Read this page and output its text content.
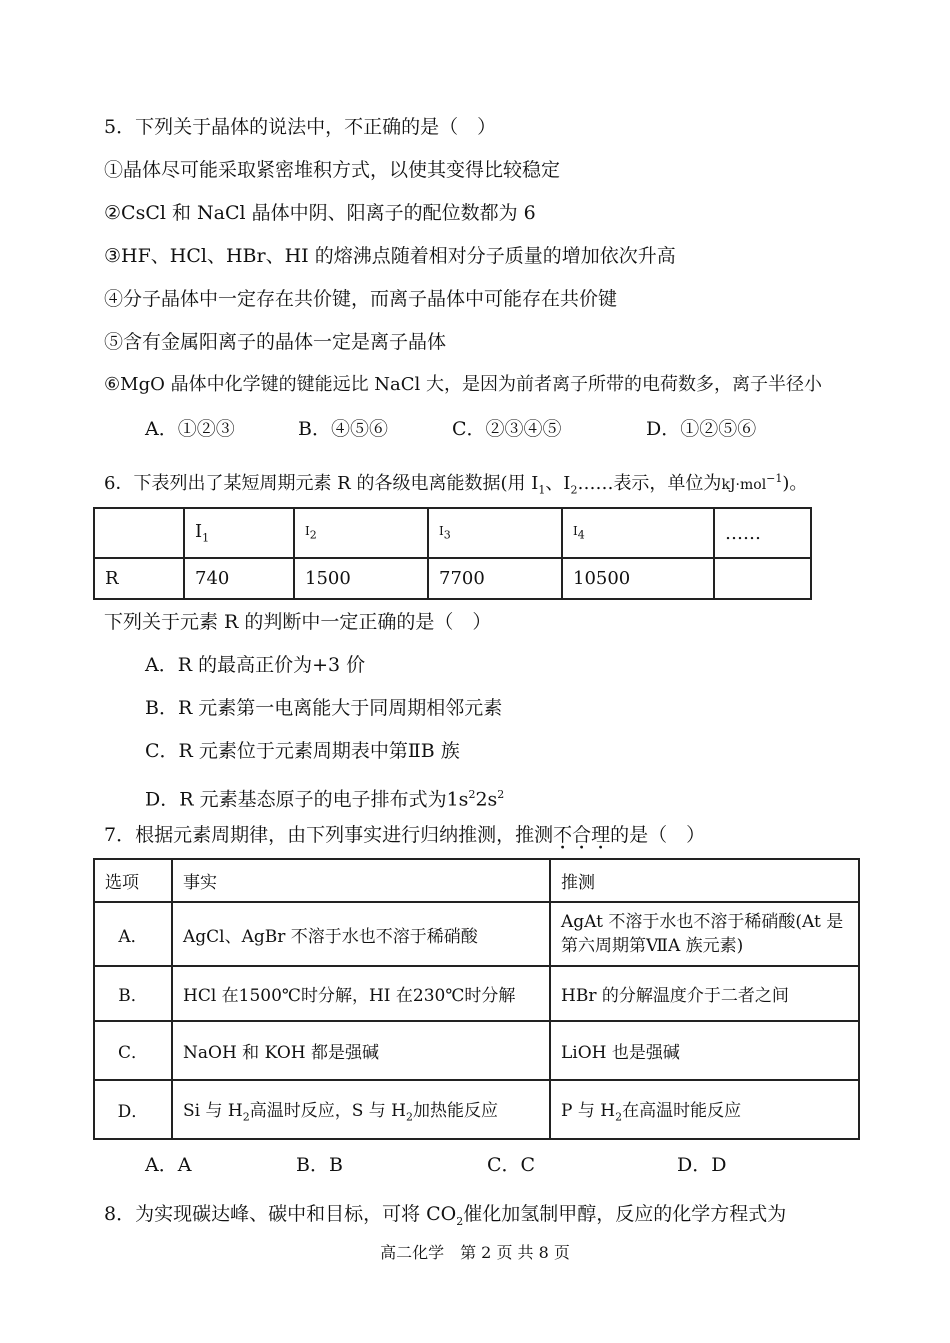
5．下列关于晶体的说法中，不正确的是（　）
①晶体尽可能采取紧密堆积方式，以使其变得比较稳定
②CsCl 和 NaCl 晶体中阴、阳离子的配位数都为 6
③HF、HCl、HBr、HI 的熔沸点随着相对分子质量的增加依次升高
④分子晶体中一定存在共价键，而离子晶体中可能存在共价键
⑤含有金属阳离子的晶体一定是离子晶体
⑥MgO 晶体中化学键的键能远比 NaCl 大，是因为前者离子所带的电荷数多，离子半径小
A．①②③	B．④⑤⑥	C．②③④⑤	D．①②⑤⑥
6．下表列出了某短周期元素 R 的各级电离能数据(用 $I_1$、$I_2\dots\dots$表示，单位为kJ·mol$^{-1}$)。
	$I_1$	$I_2$	$I_3$	$I_4$	……
R	740	1500	7700	10500	
下列关于元素 R 的判断中一定正确的是（　）
A．R 的最高正价为+3 价
B．R 元素第一电离能大于同周期相邻元素
C．R 元素位于元素周期表中第ⅡB 族
D．R 元素基态原子的电子排布式为$1s^22s^2$
7．根据元素周期律，由下列事实进行归纳推测，推测不合理的是（　）
选项	事实	推测
A．	AgCl、AgBr 不溶于水也不溶于稀硝酸	AgAt 不溶于水也不溶于稀硝酸(At 是第六周期第ⅦA 族元素)
B．	HCl 在1500℃时分解，HI 在230℃时分解	HBr 的分解温度介于二者之间
C．	NaOH 和 KOH 都是强碱	LiOH 也是强碱
D．	Si 与 $H_2$高温时反应，S 与 $H_2$加热能反应	P 与 $H_2$在高温时能反应
A．A	B．B	C．C	D．D
8．为实现碳达峰、碳中和目标，可将 $CO_2$催化加氢制甲醇，反应的化学方程式为
高二化学　第 2 页 共 8 页
